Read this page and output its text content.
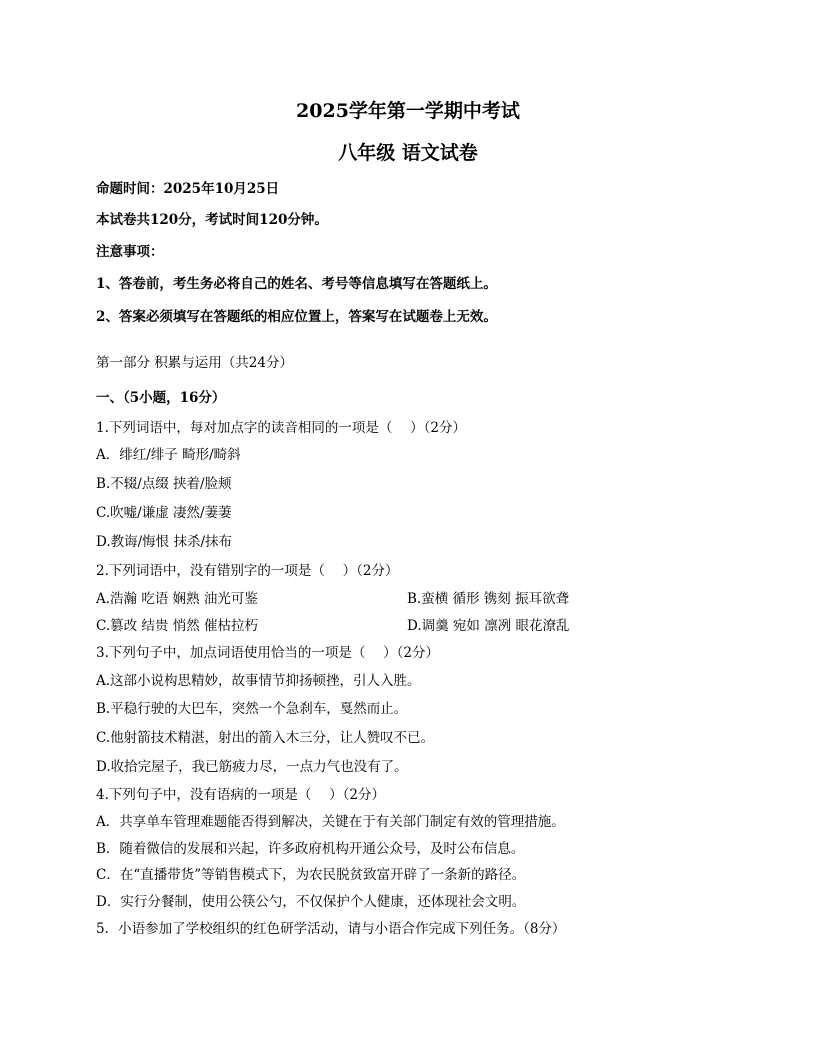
2025学年第一学期中考试
八年级 语文试卷
命题时间：2025年10月25日
本试卷共120分，考试时间120分钟。
注意事项：
1、答卷前，考生务必将自己的姓名、考号等信息填写在答题纸上。
2、答案必须填写在答题纸的相应位置上，答案写在试题卷上无效。
第一部分 积累与运用（共24分）
一、（5小题，16分）
1.下列词语中，每对加点字的读音相同的一项是（　 ）（2分）
A．绯红/绯子 畸形/畸斜
B.不辍/点缀 挟着/脸颊
C.吹嘘/谦虚 凄然/萋萋
D.教诲/悔恨 抹杀/抹布
2.下列词语中，没有错别字的一项是（　 ）（2分）
A.浩瀚 吃语 娴熟 油光可鉴	B.蛮横 循形 镌刻 振耳欲聋
C.篡改 结贵 悄然 催枯拉朽	D.调羹 宛如 凛冽 眼花潦乱
3.下列句子中，加点词语使用恰当的一项是（　 ）（2分）
A.这部小说构思精妙，故事情节抑扬顿挫，引人入胜。
B.平稳行驶的大巴车，突然一个急刹车，戛然而止。
C.他射箭技术精湛，射出的箭入木三分，让人赞叹不已。
D.收拾完屋子，我已筋疲力尽，一点力气也没有了。
4.下列句子中，没有语病的一项是（　 ）（2分）
A．共享单车管理难题能否得到解决，关键在于有关部门制定有效的管理措施。
B．随着微信的发展和兴起，许多政府机构开通公众号，及时公布信息。
C．在“直播带货”等销售模式下，为农民脱贫致富开辟了一条新的路径。
D．实行分餐制，使用公筷公勺，不仅保护个人健康，还体现社会文明。
5．小语参加了学校组织的红色研学活动，请与小语合作完成下列任务。（8分）
